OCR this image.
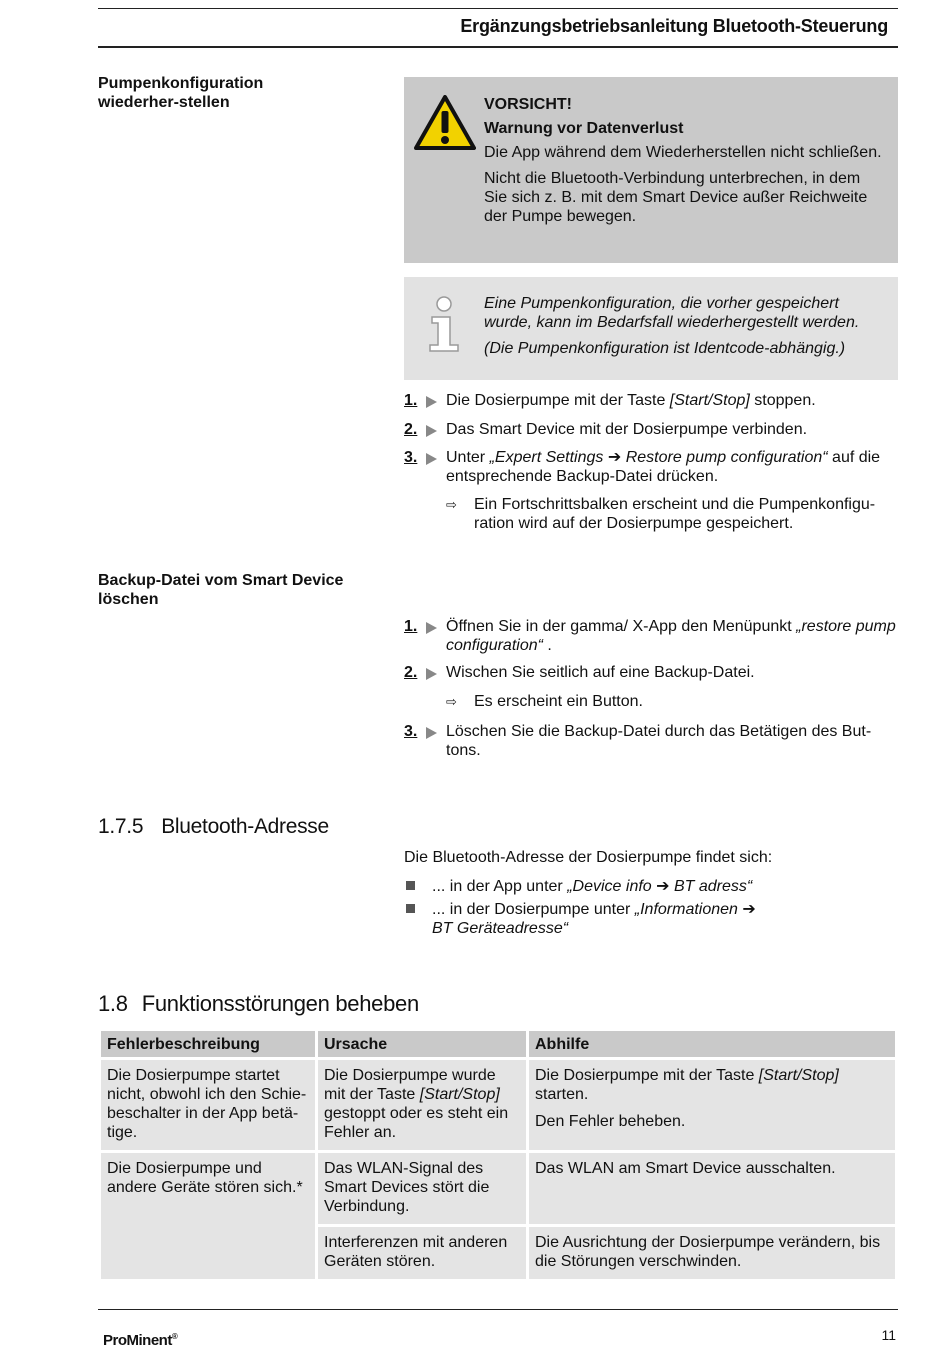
Ergänzungsbetriebsanleitung Bluetooth-Steuerung
Pumpenkonfiguration wiederher-stellen	VORSICHT!
Warnung vor Datenverlust

Die App während dem Wiederherstellen nicht schließen.

Nicht die Bluetooth-Verbindung unterbrechen, in dem Sie sich z. B. mit dem Smart Device außer Reichweite der Pumpe bewegen.

Eine Pumpenkonfiguration, die vorher gespeichert wurde, kann im Bedarfsfall wiederhergestellt werden.

(Die Pumpenkonfiguration ist Identcode-abhängig.)

1.	Die Dosierpumpe mit der Taste [Start/Stop] stoppen.
2.	Das Smart Device mit der Dosierpumpe verbinden.
3.	Unter „Expert Settings ➔ Restore pump configuration“ auf die entsprechende Backup-Datei drücken.
⇨ Ein Fortschrittsbalken erscheint und die Pumpenkonfigu-ration wird auf der Dosierpumpe gespeichert.
Backup-Datei vom Smart Device löschen
1.	Öffnen Sie in der gamma/ X-App den Menüpunkt „restore pump configuration“ .
2.	Wischen Sie seitlich auf eine Backup-Datei.
⇨ Es erscheint ein Button.
3.	Löschen Sie die Backup-Datei durch das Betätigen des But-tons.
1.7.5 Bluetooth-Adresse
Die Bluetooth-Adresse der Dosierpumpe findet sich:
... in der App unter „Device info ➔ BT adress“
... in der Dosierpumpe unter „Informationen ➔ BT Geräteadresse“
1.8 Funktionsstörungen beheben
Fehlerbeschreibung	Ursache	Abhilfe
Die Dosierpumpe startet nicht, obwohl ich den Schie-beschalter in der App betä-tige.	Die Dosierpumpe wurde mit der Taste [Start/Stop] gestoppt oder es steht ein Fehler an.	Die Dosierpumpe mit der Taste [Start/Stop] starten.

Den Fehler beheben.

Die Dosierpumpe und andere Geräte stören sich.*	Das WLAN-Signal des Smart Devices stört die Verbindung.	Das WLAN am Smart Device ausschalten.
	Interferenzen mit anderen Geräten stören.	Die Ausrichtung der Dosierpumpe verändern, bis die Störungen verschwinden.
ProMinent®	11
